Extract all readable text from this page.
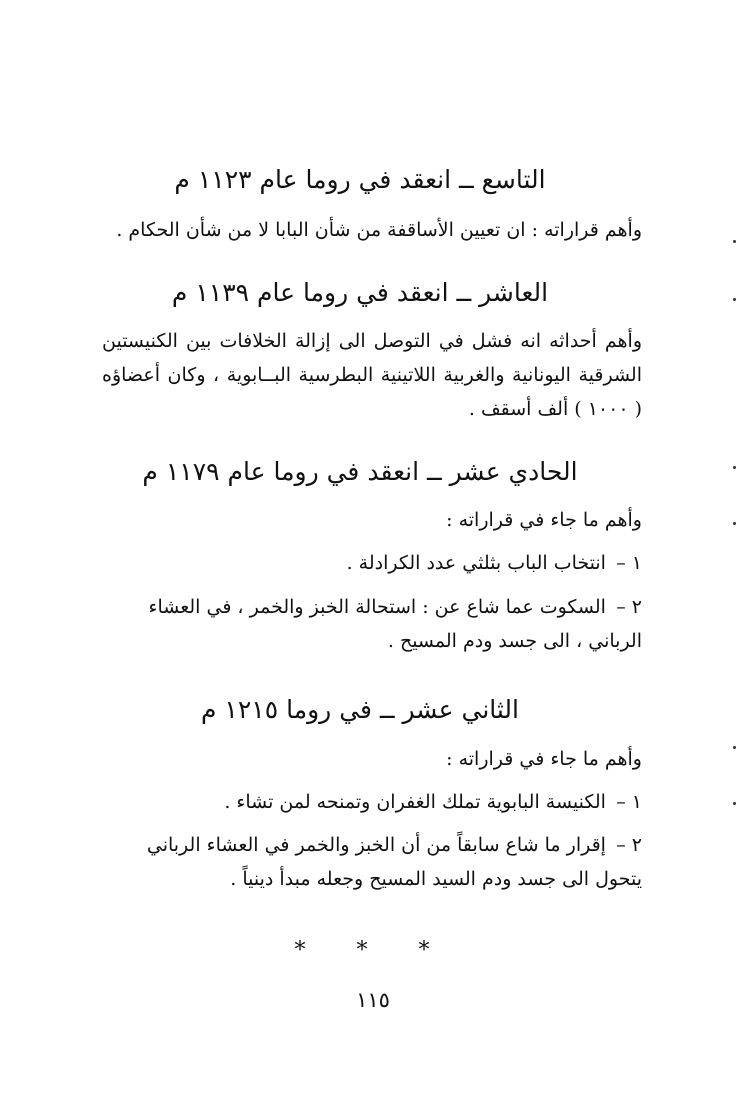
التاسع ــ انعقد في روما عام ١١٢٣ م
وأهم قراراته : ان تعيين الأساقفة من شأن البابا لا من شأن الحكام .
العاشر ــ انعقد في روما عام ١١٣٩ م
وأهم أحداثه انه فشل في التوصل الى إزالة الخلافات بين الكنيستين الشرقية اليونانية والغربية اللاتينية البطرسية البــابوية ، وكان أعضاؤه ( ١٠٠٠ ) ألف أسقف .
الحادي عشر ــ انعقد في روما عام ١١٧٩ م
وأهم ما جاء في قراراته :
١ – انتخاب الباب بثلثي عدد الكرادلة .
٢ – السكوت عما شاع عن : استحالة الخبز والخمر ، في العشاء الرباني ، الى جسد ودم المسيح .
الثاني عشر ــ في روما ١٢١٥ م
وأهم ما جاء في قراراته :
١ – الكنيسة البابوية تملك الغفران وتمنحه لمن تشاء .
٢ – إقرار ما شاع سابقاً من أن الخبز والخمر في العشاء الرباني يتحول الى جسد ودم السيد المسيح وجعله مبدأ دينياً .
* * *
١١٥
